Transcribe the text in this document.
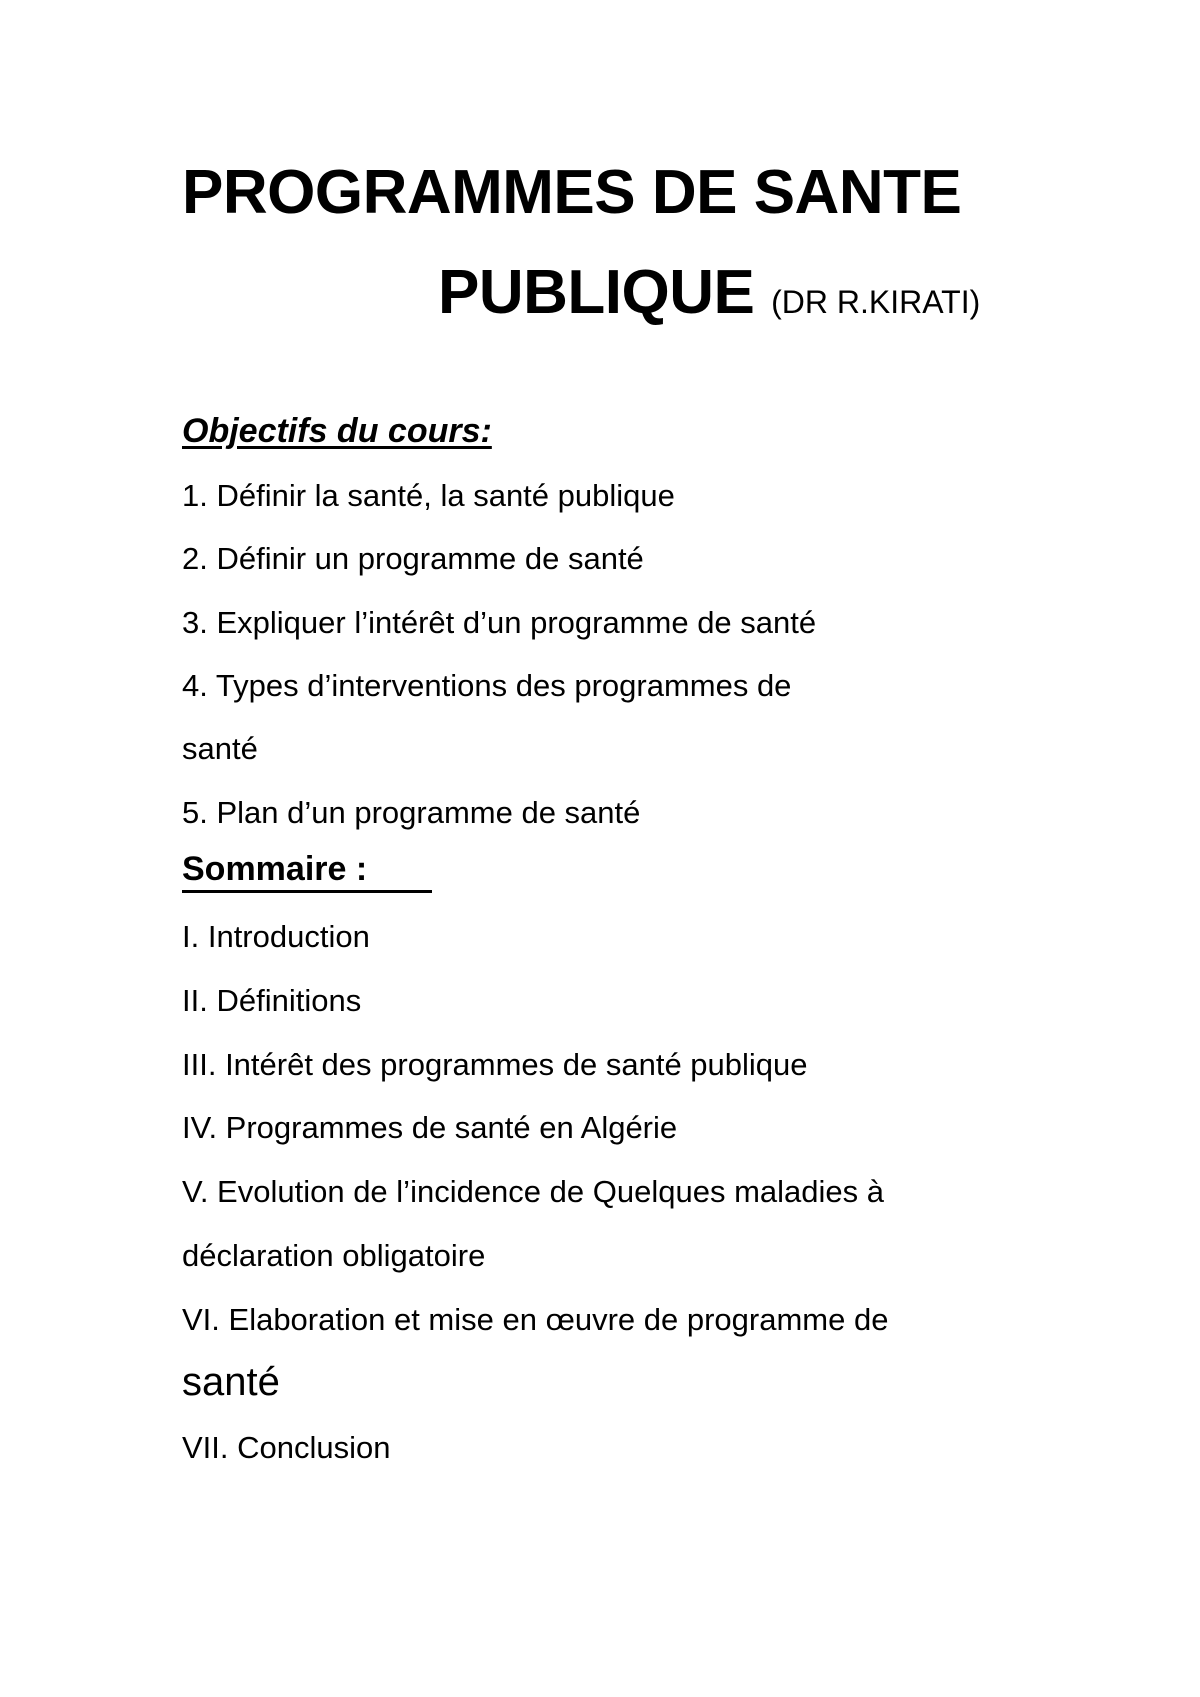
PROGRAMMES DE SANTE
PUBLIQUE (DR R.KIRATI)
Objectifs du cours:
1. Définir la santé, la santé publique
2. Définir un programme de santé
3. Expliquer l’intérêt d’un programme de santé
4. Types d’interventions des programmes de
santé
5. Plan d’un programme de santé
Sommaire :
I. Introduction
II. Définitions
III. Intérêt des programmes de santé publique
IV. Programmes de santé en Algérie
V. Evolution de l’incidence de Quelques maladies à
déclaration obligatoire
VI. Elaboration et mise en œuvre de programme de
santé
VII. Conclusion
